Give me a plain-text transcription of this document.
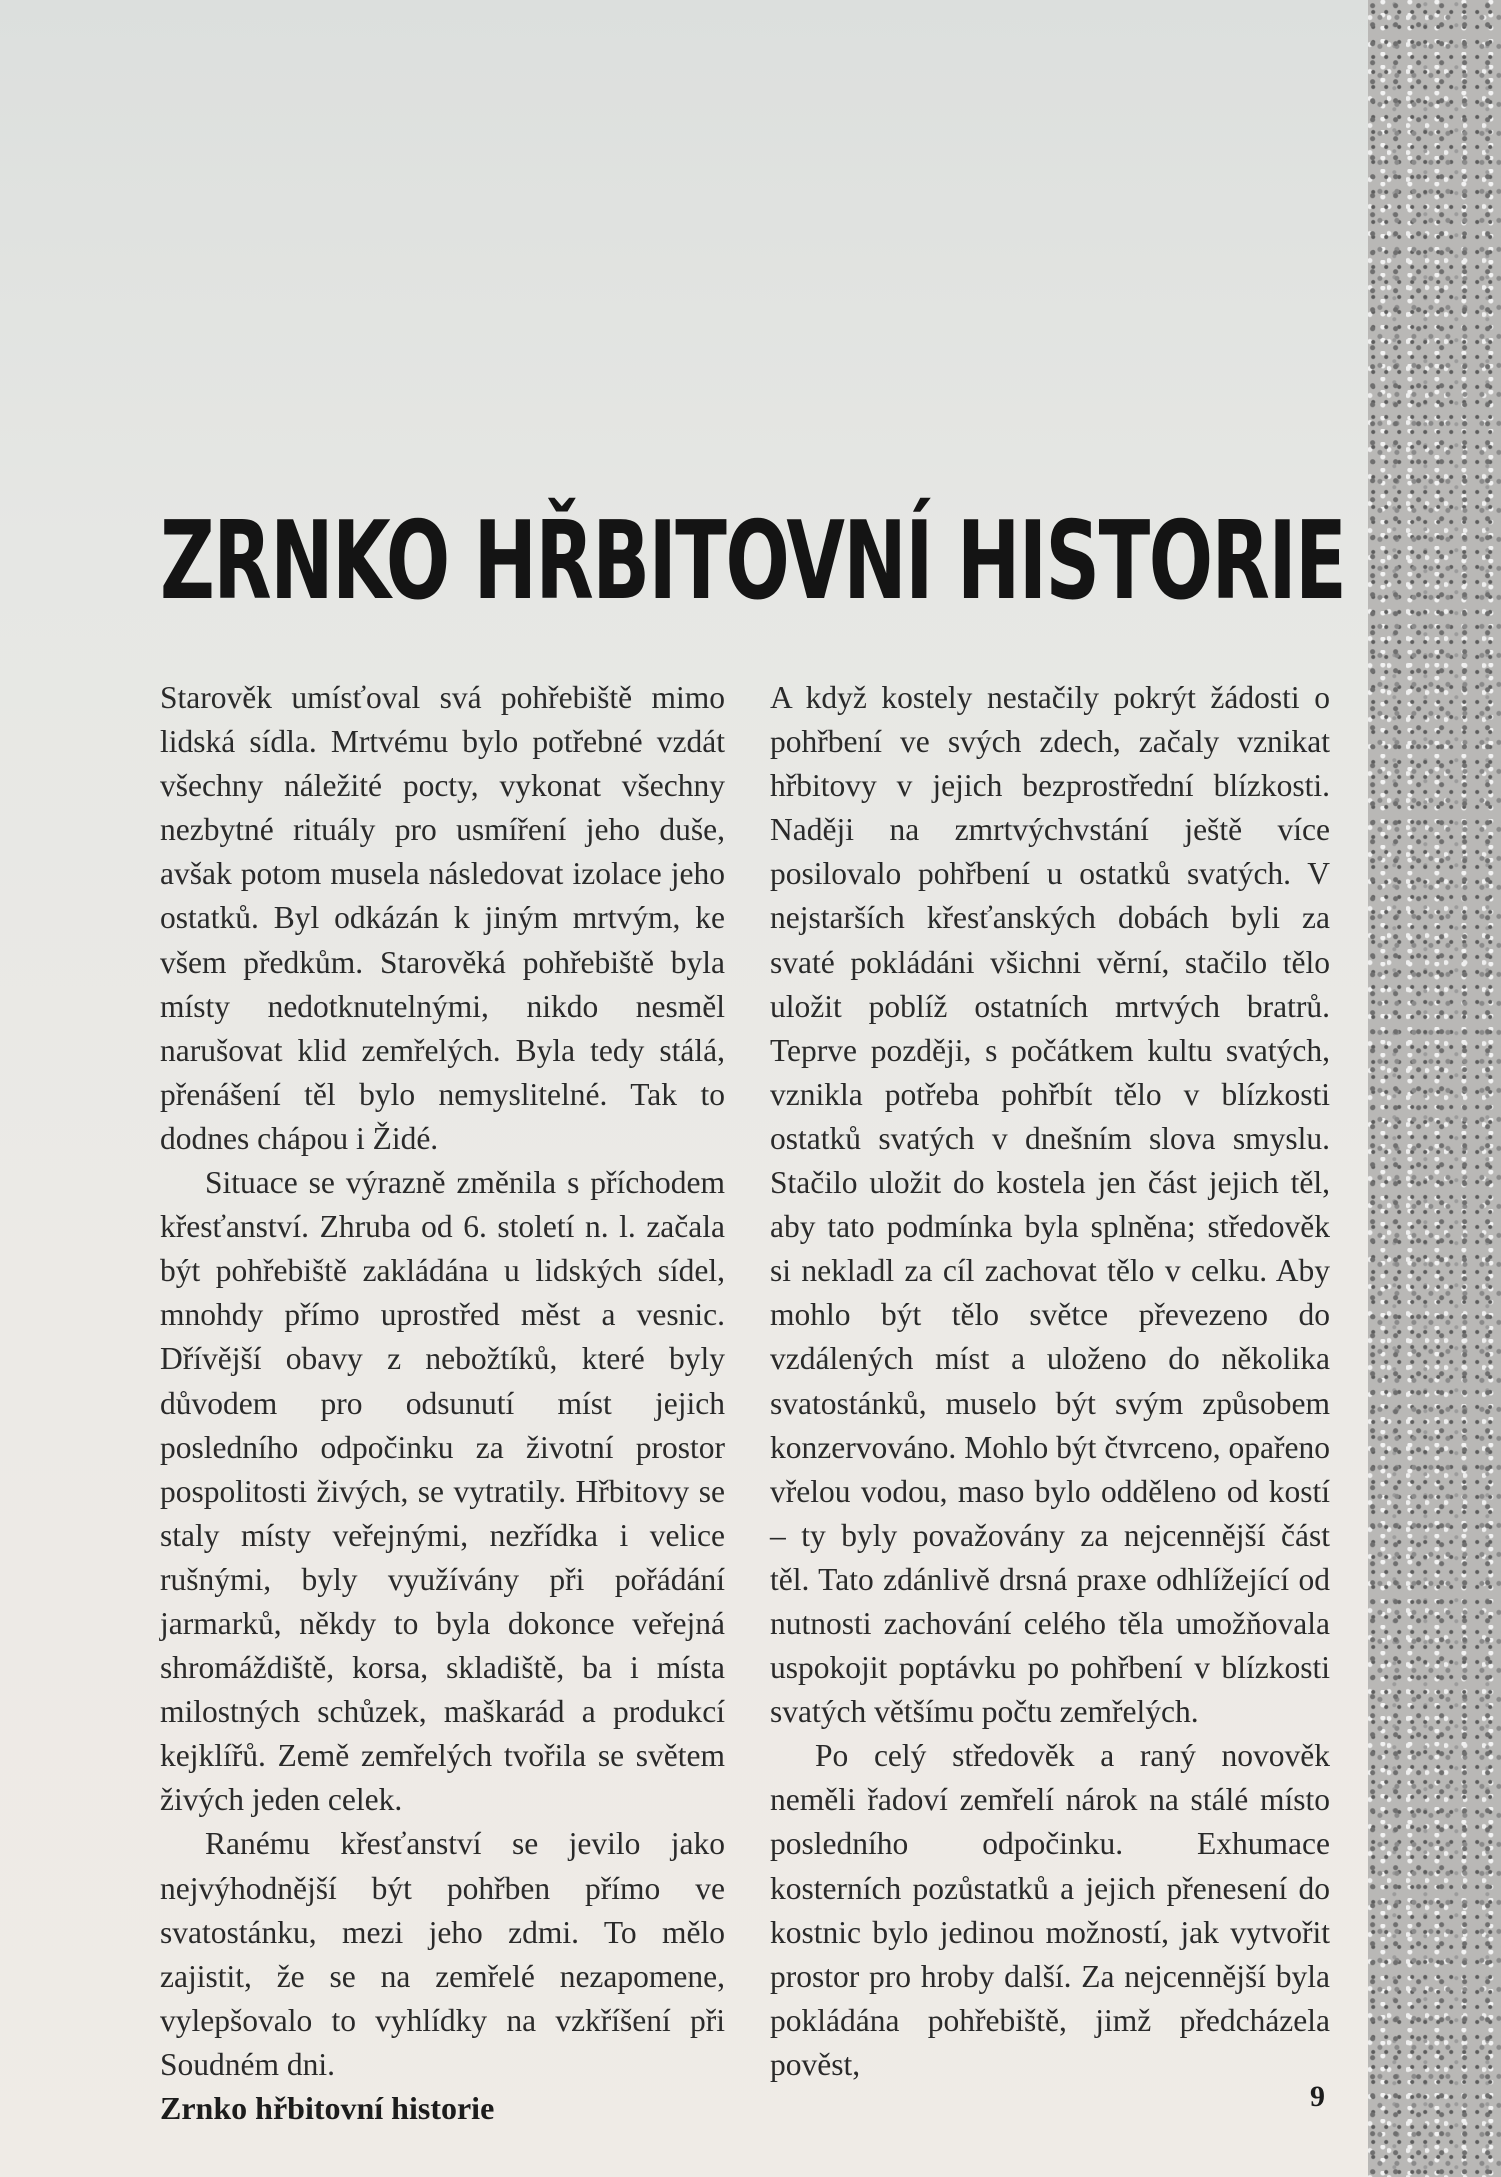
ZRNKO HŘBITOVNÍ HISTORIE

Starověk umísťoval svá pohřebiště mimo lidská sídla. Mrtvému bylo potřebné vzdát všechny náležité pocty, vykonat všechny nezbytné rituály pro usmíření jeho duše, avšak potom musela následovat izolace jeho ostatků. Byl odkázán k jiným mrtvým, ke všem předkům. Starověká pohřebiště byla místy nedotknutelnými, nikdo nesměl narušovat klid zemřelých. Byla tedy stálá, přenášení těl bylo nemyslitelné. Tak to dodnes chápou i Židé.

Situace se výrazně změnila s příchodem křesťanství. Zhruba od 6. století n. l. začala být pohřebiště zakládána u lidských sídel, mnohdy přímo uprostřed měst a vesnic. Dřívější obavy z nebožtíků, které byly důvodem pro odsunutí míst jejich posledního odpočinku za životní prostor pospolitosti živých, se vytratily. Hřbitovy se staly místy veřejnými, nezřídka i velice rušnými, byly využívány při pořádání jarmarků, někdy to byla dokonce veřejná shromáždiště, korsa, skladiště, ba i místa milostných schůzek, maškarád a produkcí kejklířů. Země zemřelých tvořila se světem živých jeden celek.

Ranému křesťanství se jevilo jako nejvýhodnější být pohřben přímo ve svatostánku, mezi jeho zdmi. To mělo zajistit, že se na zemřelé nezapomene, vylepšovalo to vyhlídky na vzkříšení při Soudném dni.

A když kostely nestačily pokrýt žádosti o pohřbení ve svých zdech, začaly vznikat hřbitovy v jejich bezprostřední blízkosti. Naději na zmrtvýchvstání ještě více posilovalo pohřbení u ostatků svatých. V nejstarších křesťanských dobách byli za svaté pokládáni všichni věrní, stačilo tělo uložit poblíž ostatních mrtvých bratrů. Teprve později, s počátkem kultu svatých, vznikla potřeba pohřbít tělo v blízkosti ostatků svatých v dnešním slova smyslu. Stačilo uložit do kostela jen část jejich těl, aby tato podmínka byla splněna; středověk si nekladl za cíl zachovat tělo v celku. Aby mohlo být tělo světce převezeno do vzdálených míst a uloženo do několika svatostánků, muselo být svým způsobem konzervováno. Mohlo být čtvrceno, opařeno vřelou vodou, maso bylo odděleno od kostí – ty byly považovány za nejcennější část těl. Tato zdánlivě drsná praxe odhlížející od nutnosti zachování celého těla umožňovala uspokojit poptávku po pohřbení v blízkosti svatých většímu počtu zemřelých.

Po celý středověk a raný novověk neměli řadoví zemřelí nárok na stálé místo posledního odpočinku. Exhumace kosterních pozůstatků a jejich přenesení do kostnic bylo jedinou možností, jak vytvořit prostor pro hroby další. Za nejcennější byla pokládána pohřebiště, jimž předcházela pověst,

Zrnko hřbitovní historie	9
